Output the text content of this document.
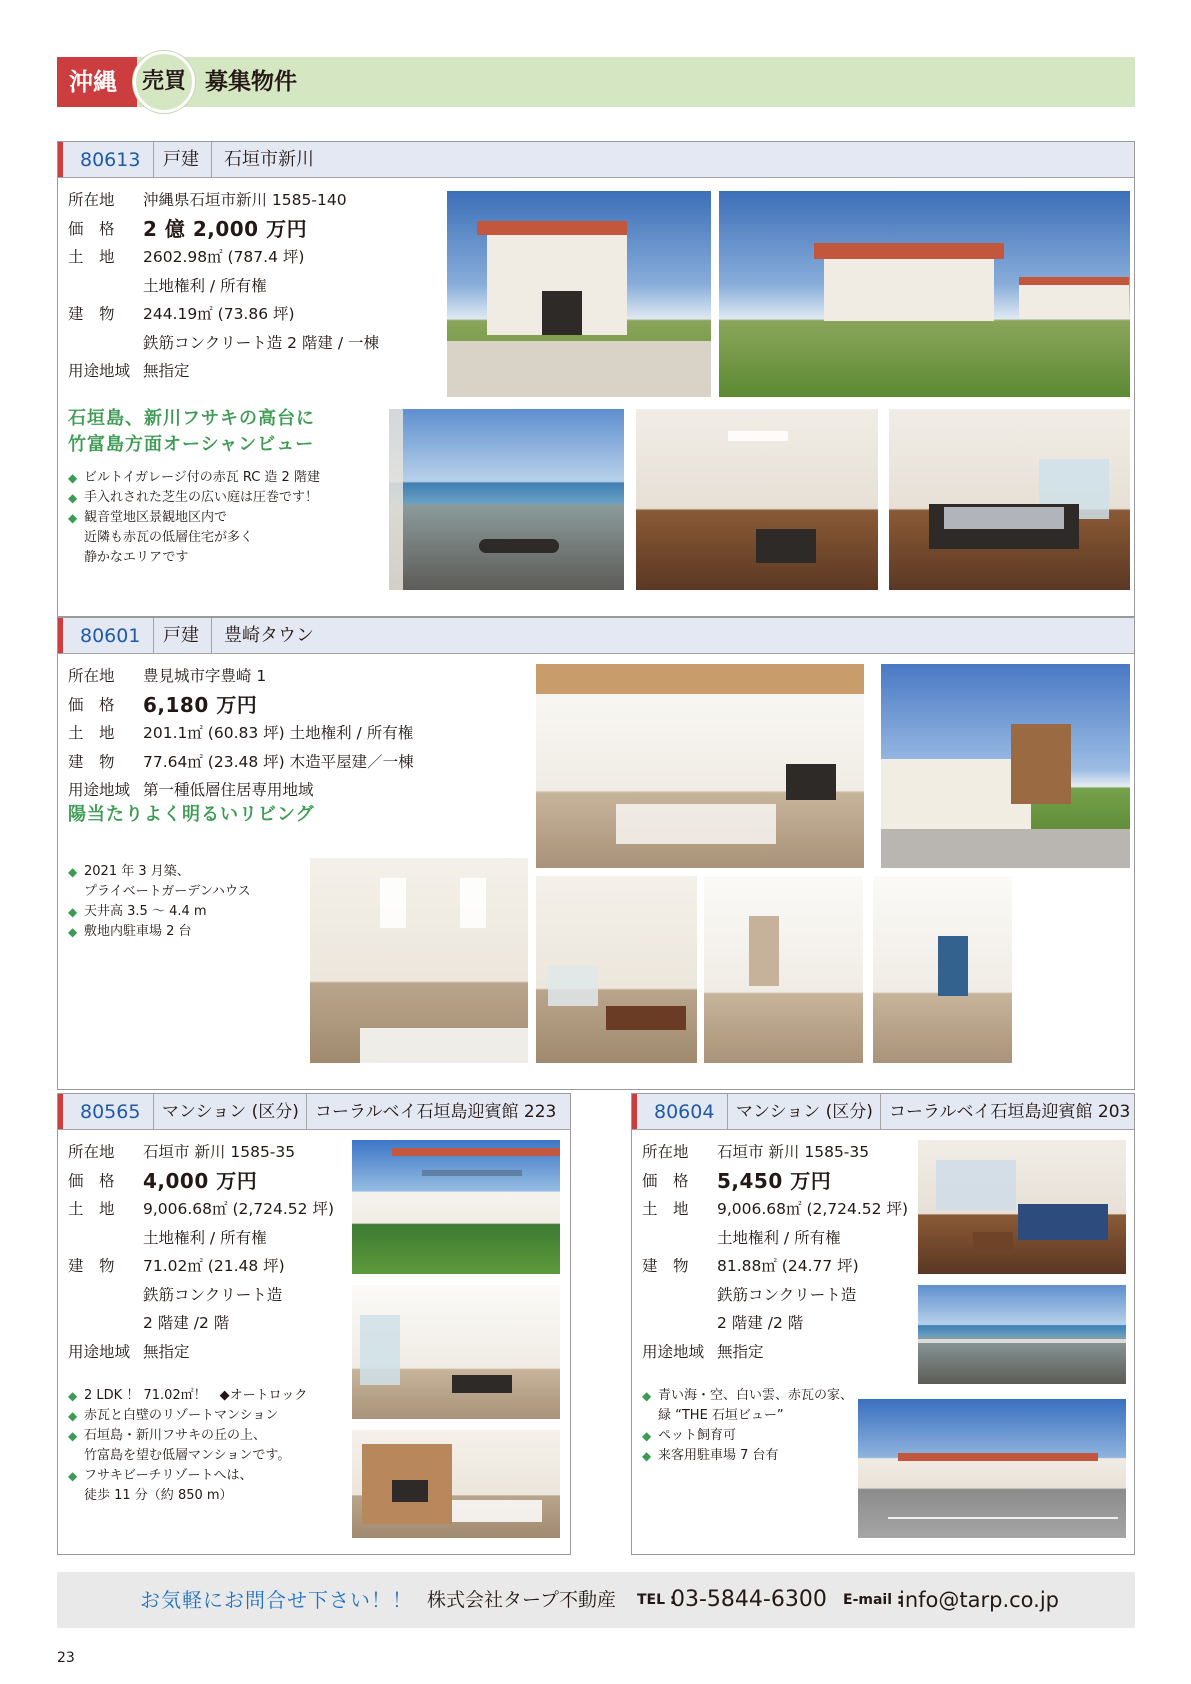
沖縄	売買 募集物件
80613 戸建 石垣市新川
所在地	沖縄県石垣市新川 1585-140
価　格	2 億 2,000 万円
土　地	2602.98㎡ (787.4 坪)
土地権利 / 所有権
建　物	244.19㎡ (73.86 坪)
鉄筋コンクリート造 2 階建 / 一棟
用途地域 無指定
石垣島、新川フサキの高台に
竹富島方面オーシャンビュー
◆ ビルトイガレージ付の赤瓦 RC 造 2 階建
◆ 手入れされた芝生の広い庭は圧巻です！
◆ 観音堂地区景観地区内で
近隣も赤瓦の低層住宅が多く
静かなエリアです
80601 戸建 豊崎タウン
所在地	豊見城市字豊崎 1
価　格	6,180 万円
土　地	201.1㎡ (60.83 坪) 土地権利 / 所有権
建　物	77.64㎡ (23.48 坪) 木造平屋建／一棟
用途地域 第一種低層住居専用地域
陽当たりよく明るいリビング
◆ 2021 年 3 月築、
プライベートガーデンハウス
◆ 天井高 3.5 〜 4.4 m
◆ 敷地内駐車場 2 台
80565 マンション (区分) コーラルベイ石垣島迎賓館 223
所在地	石垣市 新川 1585-35
価　格	4,000 万円
土　地	9,006.68㎡ (2,724.52 坪)
土地権利 / 所有権
建　物	71.02㎡ (21.48 坪)
鉄筋コンクリート造
2 階建 /2 階
用途地域 無指定
◆ 2 LDK ！ 71.02㎡！　◆オートロック
◆ 赤瓦と白壁のリゾートマンション
◆ 石垣島・新川フサキの丘の上、
竹富島を望む低層マンションです。
◆ フサキビーチリゾートへは、
徒歩 11 分（約 850 m）
80604 マンション (区分) コーラルベイ石垣島迎賓館 203
所在地	石垣市 新川 1585-35
価　格	5,450 万円
土　地	9,006.68㎡ (2,724.52 坪)
土地権利 / 所有権
建　物	81.88㎡ (24.77 坪)
鉄筋コンクリート造
2 階建 /2 階
用途地域 無指定
◆ 青い海・空、白い雲、赤瓦の家、
緑 “THE 石垣ビュー”
◆ ペット飼育可
◆ 来客用駐車場 7 台有
お気軽にお問合せ下さい！！ 株式会社タープ不動産 TEL :
03-5844-6300 E-mail :
info@tarp.co.jp
23
